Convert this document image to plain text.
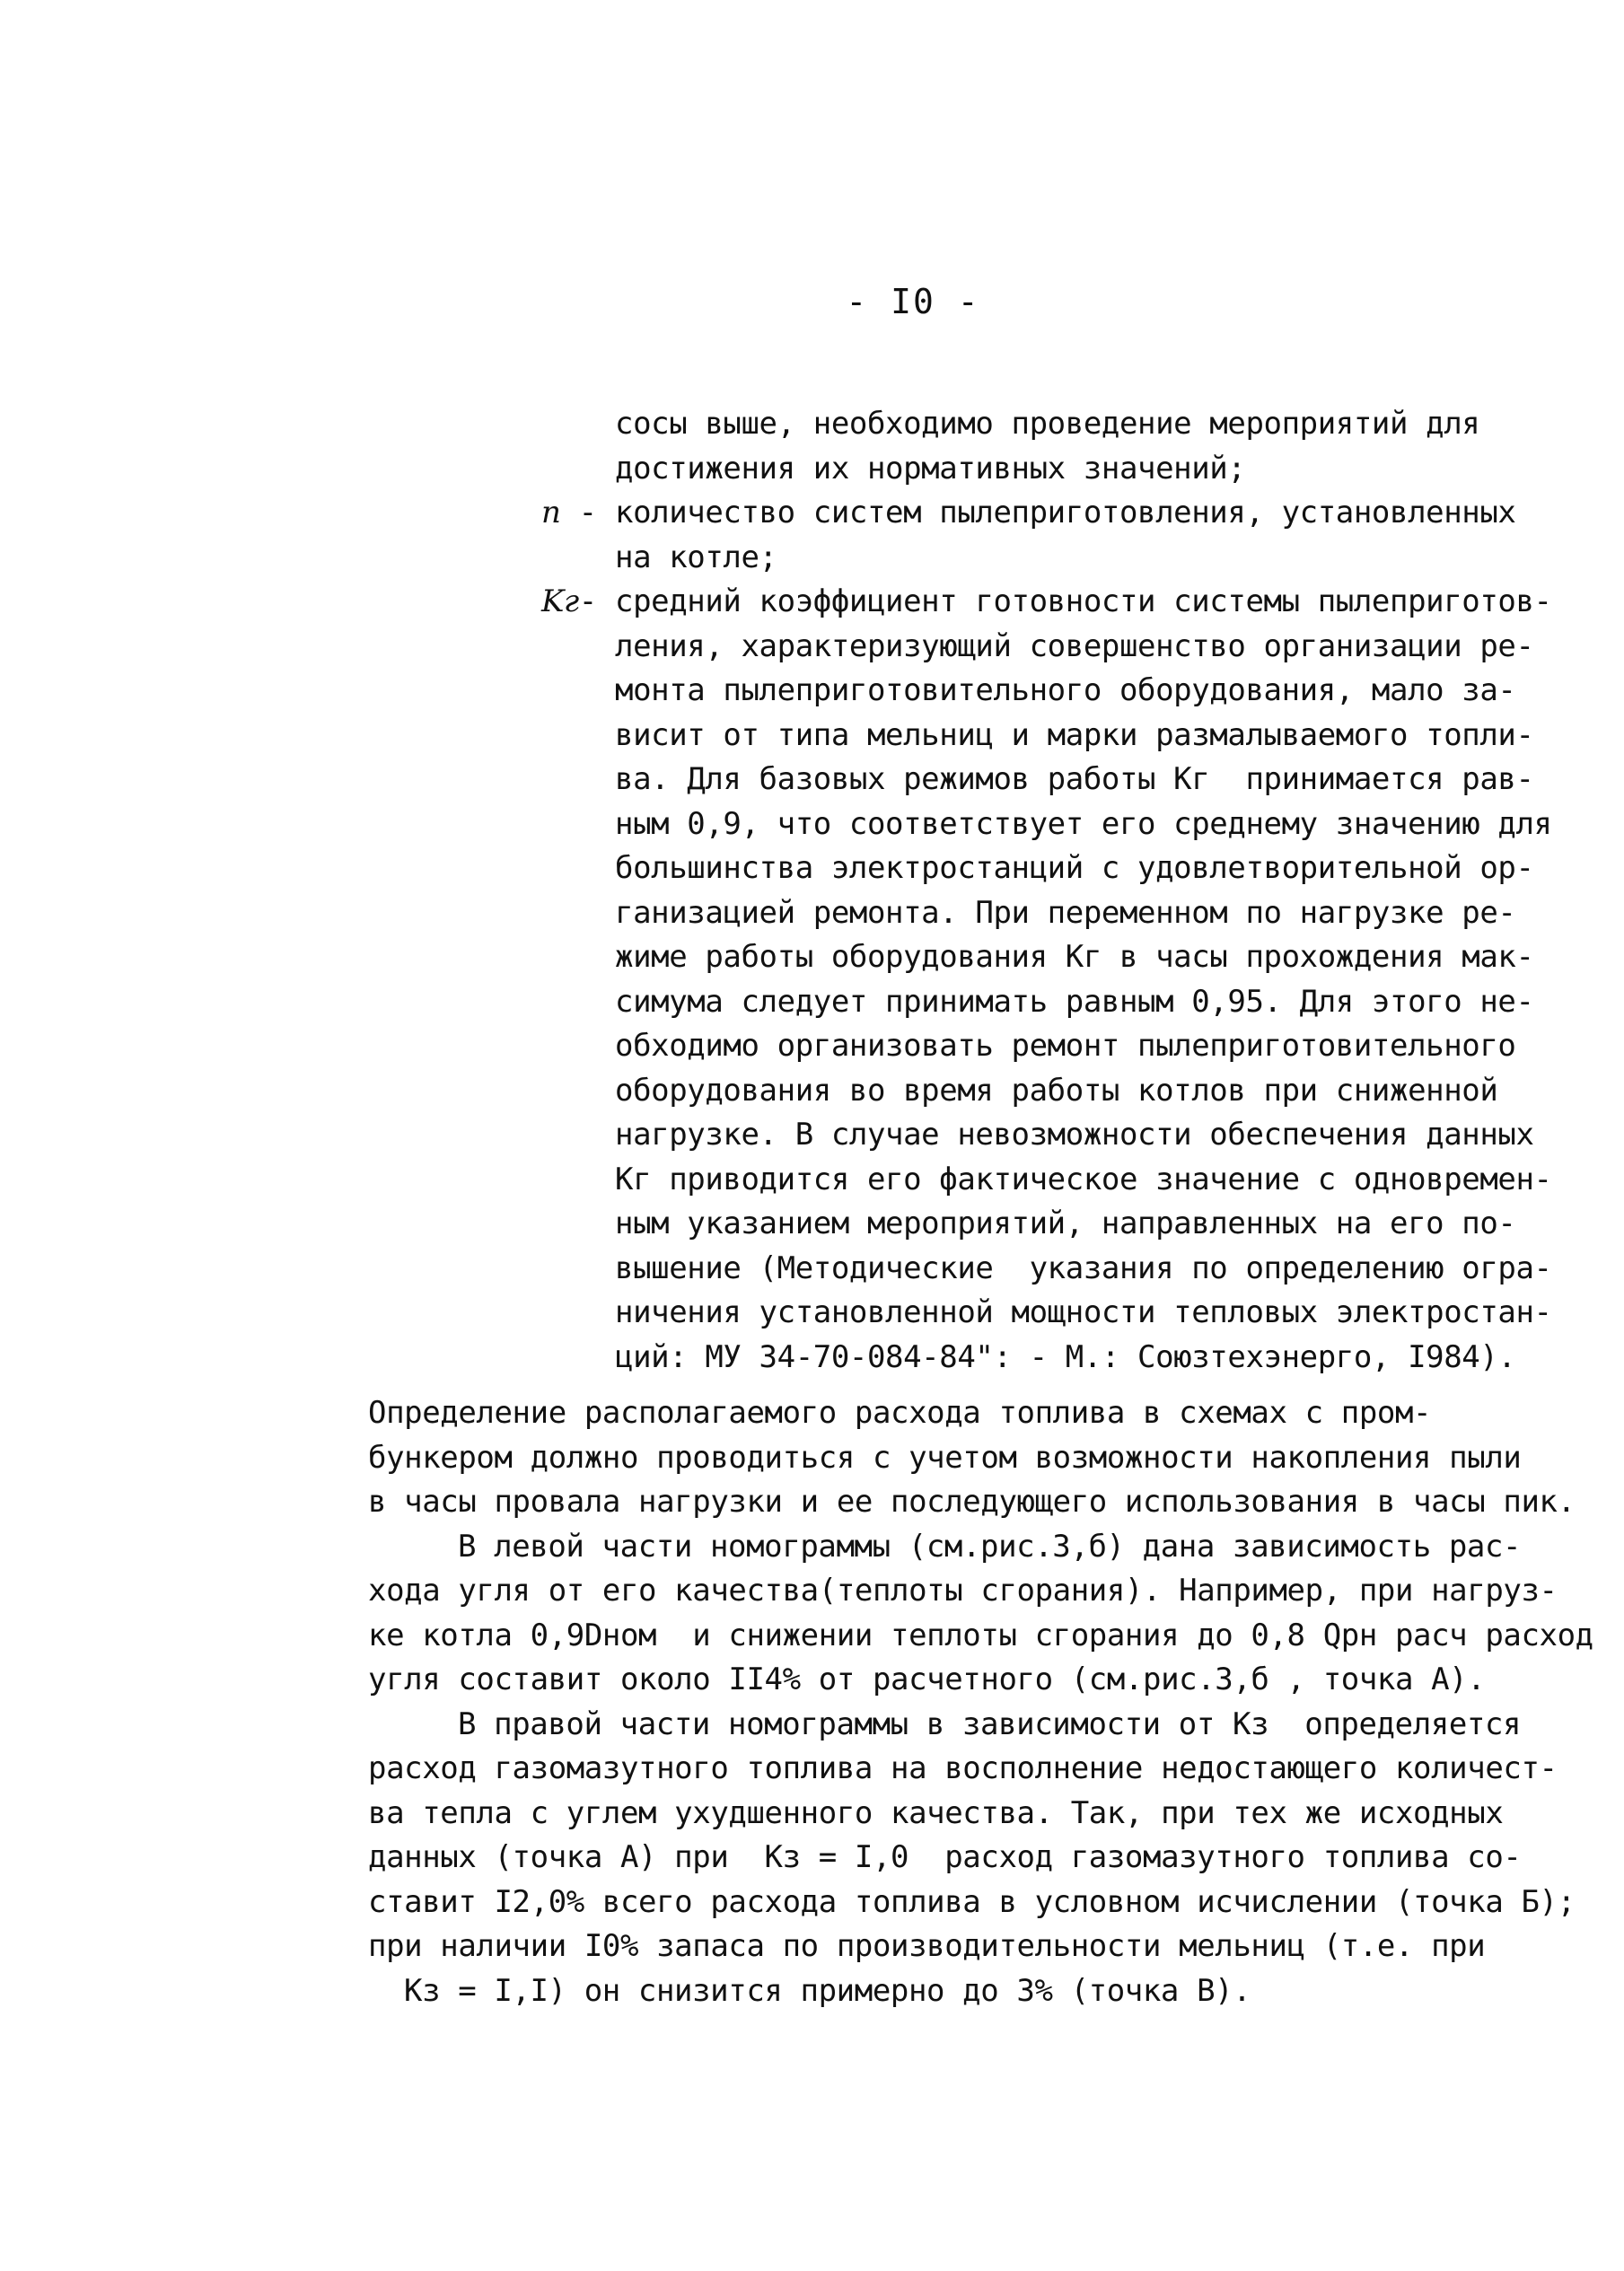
- I0 -
сосы выше, необходимо проведение мероприятий для
достижения их нормативных значений;
n - количество систем пылеприготовления, установленных
на котле;
Kг- средний коэффициент готовности системы пылеприготов-
ления, характеризующий совершенство организации ре-
монта пылеприготовительного оборудования, мало за-
висит от типа мельниц и марки размалываемого топли-
ва. Для базовых режимов работы Kг  принимается рав-
ным 0,9, что соответствует его среднему значению для
большинства электростанций с удовлетворительной ор-
ганизацией ремонта. При переменном по нагрузке ре-
жиме работы оборудования Kг в часы прохождения мак-
симума следует принимать равным 0,95. Для этого не-
обходимо организовать ремонт пылеприготовительного
оборудования во время работы котлов при сниженной
нагрузке. В случае невозможности обеспечения данных
Kг приводится его фактическое значение с одновремен-
ным указанием мероприятий, направленных на его по-
вышение (Методические  указания по определению огра-
ничения установленной мощности тепловых электростан-
ций: МУ 34-70-084-84": - М.: Союзтехэнерго, I984).
Определение располагаемого расхода топлива в схемах с пром-
бункером должно проводиться с учетом возможности накопления пыли
в часы провала нагрузки и ее последующего использования в часы пик.
В левой части номограммы (см.рис.3,б) дана зависимость рас-
хода угля от его качества(теплоты сгорания). Например, при нагруз-
ке котла 0,9Dном  и снижении теплоты сгорания до 0,8 Qрн расч расход
угля составит около II4% от расчетного (см.рис.3,б , точка А).
В правой части номограммы в зависимости от Kз  определяется
расход газомазутного топлива на восполнение недостающего количест-
ва тепла с углем ухудшенного качества. Так, при тех же исходных
данных (точка А) при  Kз = I,0  расход газомазутного топлива со-
ставит I2,0% всего расхода топлива в условном исчислении (точка Б);
при наличии I0% запаса по производительности мельниц (т.е. при
Kз = I,I) он снизится примерно до 3% (точка В).
